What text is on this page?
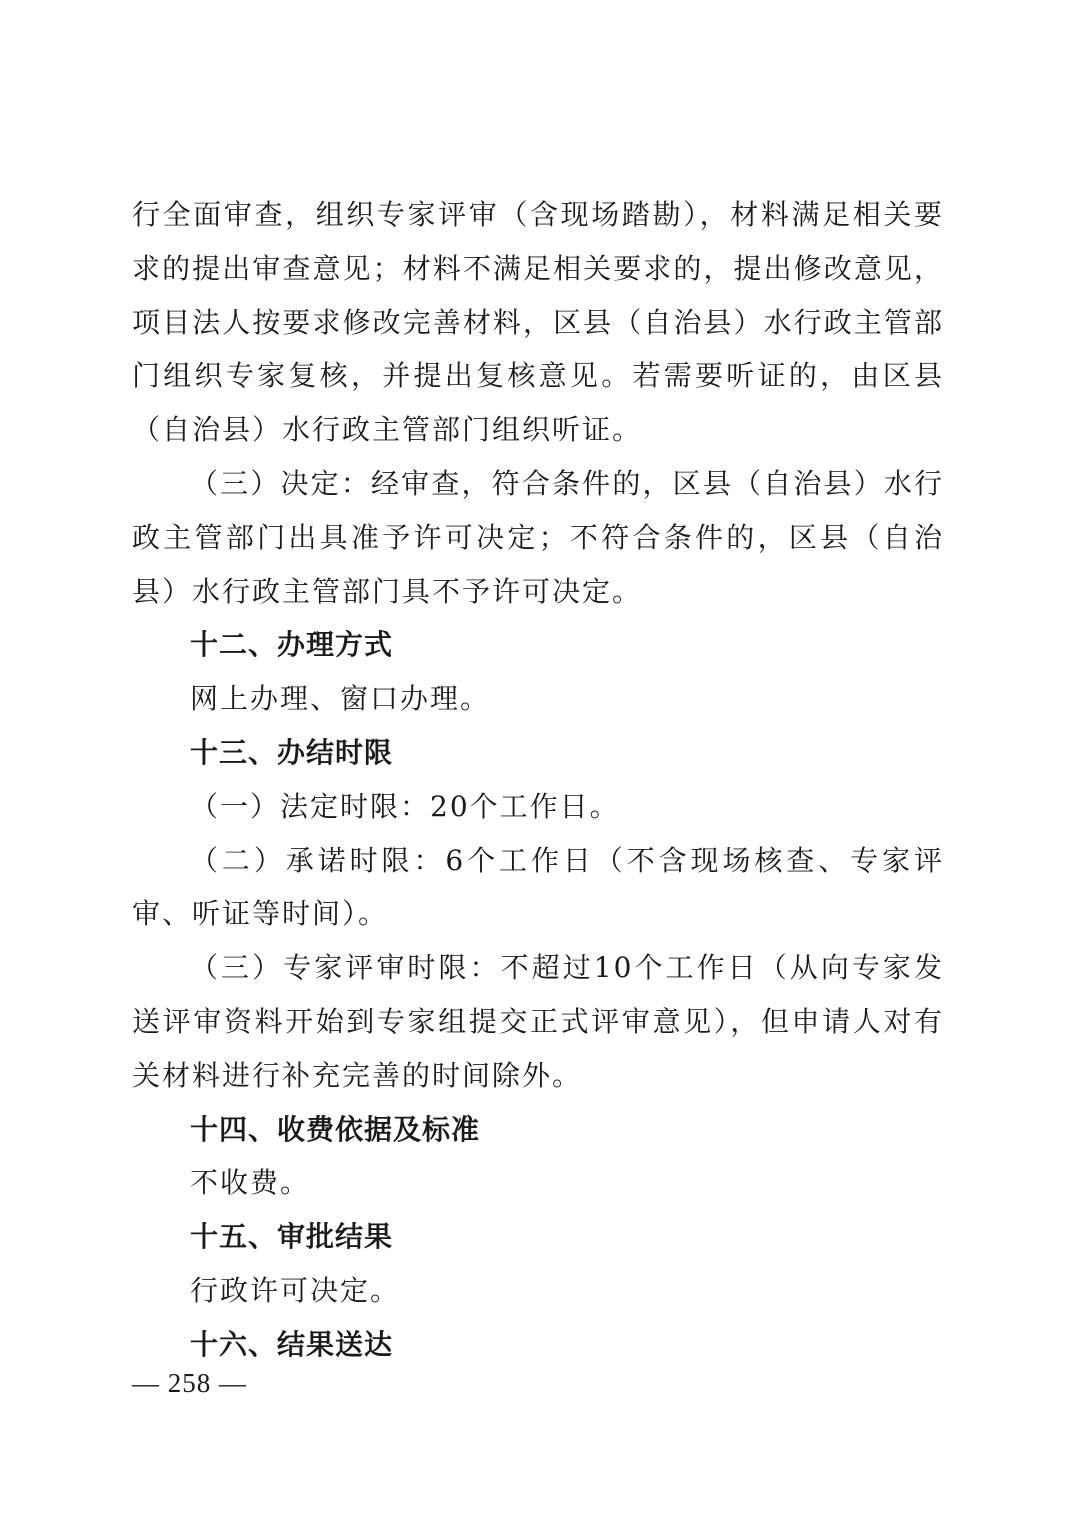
行全面审查，组织专家评审（含现场踏勘），材料满足相关要求的提出审查意见；材料不满足相关要求的，提出修改意见，项目法人按要求修改完善材料，区县（自治县）水行政主管部门组织专家复核，并提出复核意见。若需要听证的，由区县（自治县）水行政主管部门组织听证。

（三）决定：经审查，符合条件的，区县（自治县）水行政主管部门出具准予许可决定；不符合条件的，区县（自治县）水行政主管部门具不予许可决定。

十二、办理方式

网上办理、窗口办理。

十三、办结时限

（一）法定时限：20个工作日。

（二）承诺时限：6个工作日（不含现场核查、专家评审、听证等时间）。

（三）专家评审时限：不超过10个工作日（从向专家发送评审资料开始到专家组提交正式评审意见），但申请人对有关材料进行补充完善的时间除外。

十四、收费依据及标准

不收费。

十五、审批结果

行政许可决定。

十六、结果送达

— 258 —
